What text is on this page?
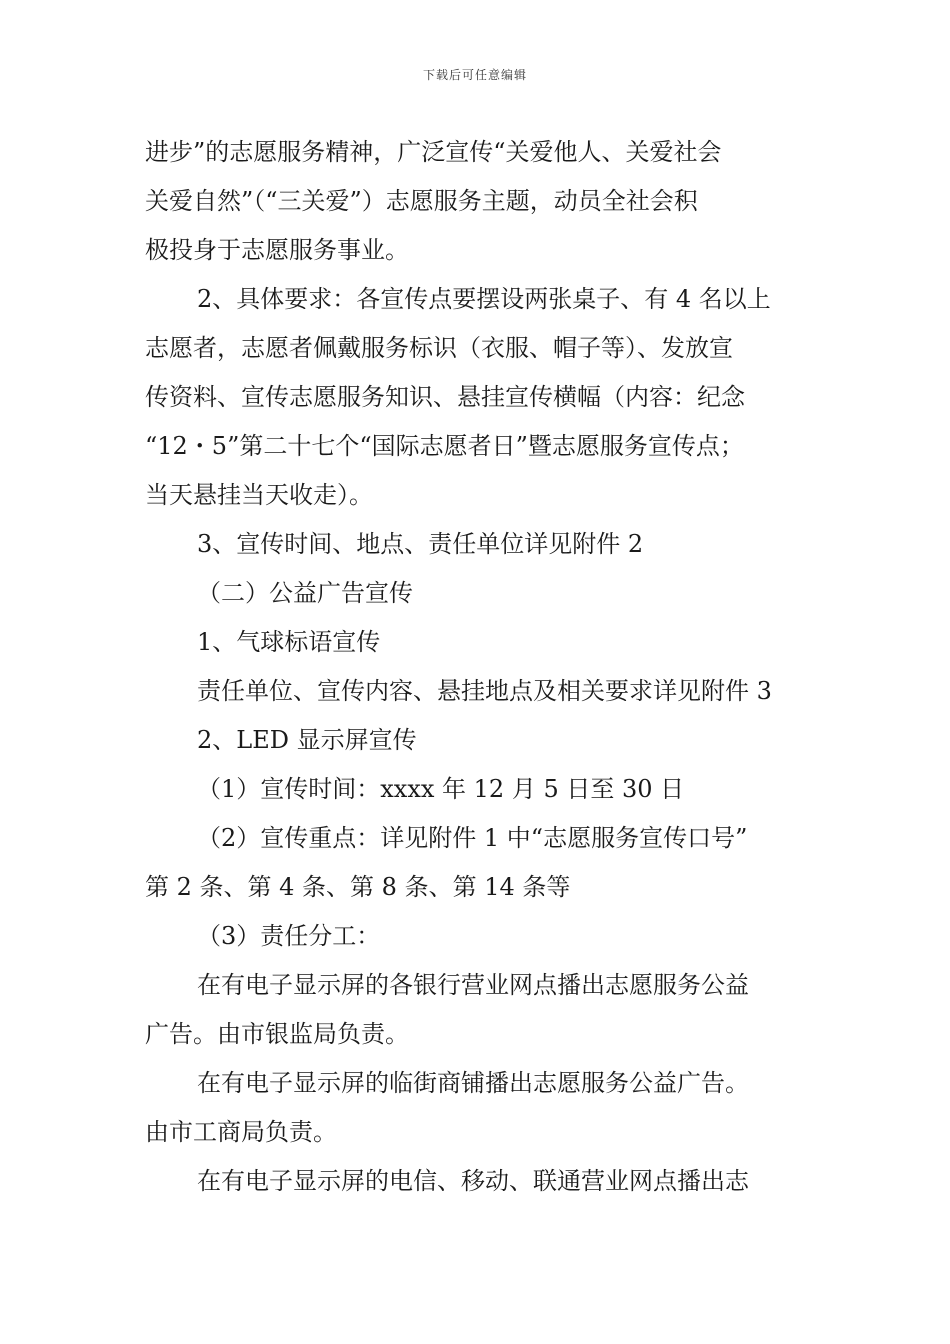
下载后可任意编辑

进步”的志愿服务精神，广泛宣传“关爱他人、关爱社会

关爱自然”（“三关爱”）志愿服务主题，动员全社会积

极投身于志愿服务事业。

2、具体要求：各宣传点要摆设两张桌子、有 4 名以上

志愿者，志愿者佩戴服务标识（衣服、帽子等）、发放宣

传资料、宣传志愿服务知识、悬挂宣传横幅（内容：纪念

“12・5”第二十七个“国际志愿者日”暨志愿服务宣传点；

当天悬挂当天收走）。

3、宣传时间、地点、责任单位详见附件 2

（二）公益广告宣传

1、气球标语宣传

责任单位、宣传内容、悬挂地点及相关要求详见附件 3

2、LED 显示屏宣传

（1）宣传时间：xxxx 年 12 月 5 日至 30 日

（2）宣传重点：详见附件 1 中“志愿服务宣传口号”

第 2 条、第 4 条、第 8 条、第 14 条等

（3）责任分工：

在有电子显示屏的各银行营业网点播出志愿服务公益

广告。由市银监局负责。

在有电子显示屏的临街商铺播出志愿服务公益广告。

由市工商局负责。

在有电子显示屏的电信、移动、联通营业网点播出志
